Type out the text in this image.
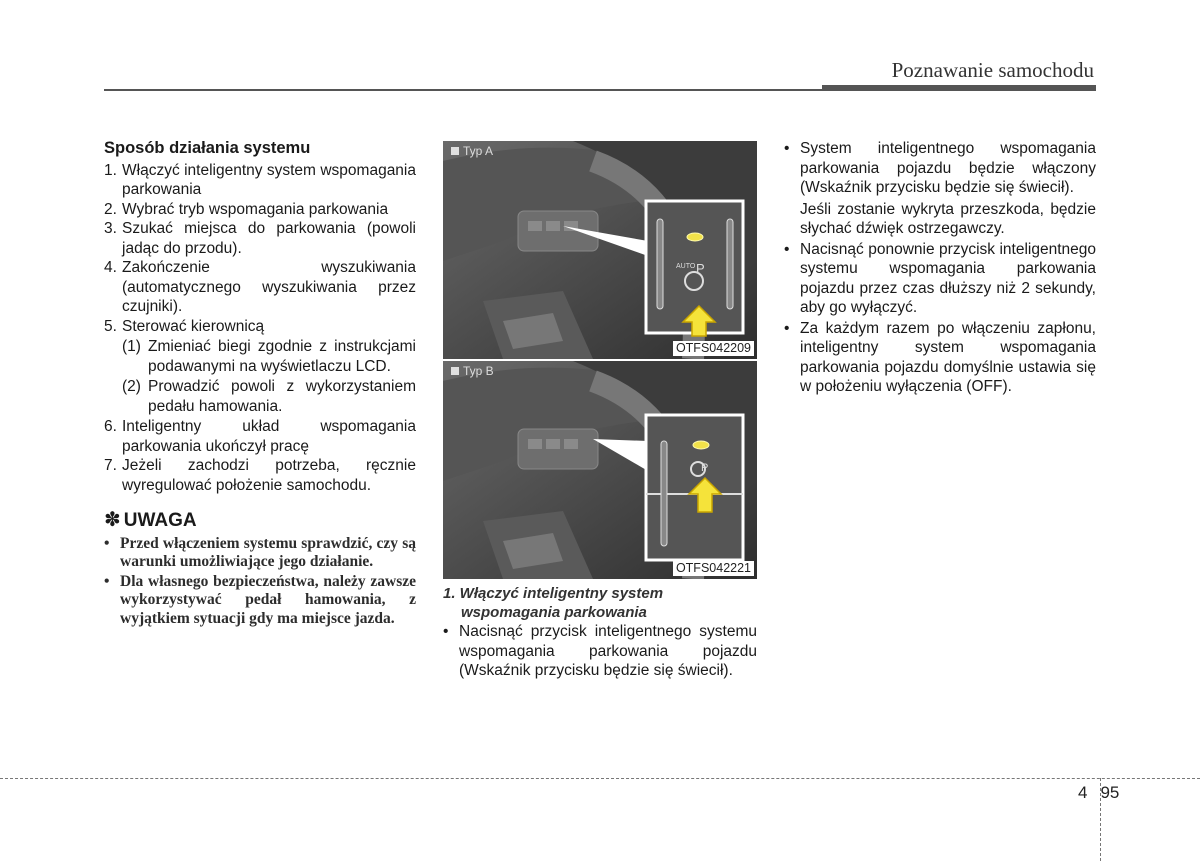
Poznawanie samochodu
Sposób działania systemu
1. Włączyć inteligentny system wspomagania parkowania
2. Wybrać tryb wspomagania parkowania
3. Szukać miejsca do parkowania (powoli jadąc do przodu).
4. Zakończenie wyszukiwania (automatycznego wyszukiwania przez czujniki).
5. Sterować kierownicą
(1) Zmieniać biegi zgodnie z instrukcjami podawanymi na wyświetlaczu LCD.
(2) Prowadzić powoli z wykorzystaniem pedału hamowania.
6. Inteligentny układ wspomagania parkowania ukończył pracę
7. Jeżeli zachodzi potrzeba, ręcznie wyregulować położenie samochodu.
✽ UWAGA
• Przed włączeniem systemu sprawdzić, czy są warunki umożliwiające jego działanie.
• Dla własnego bezpieczeństwa, należy zawsze wykorzystywać pedał hamowania, z wyjątkiem sytuacji gdy ma miejsce jazda.
AUTO P
Typ A
OTFS042209
P
Typ B
OTFS042221
1. Włączyć inteligentny system
wspomagania parkowania
• Nacisnąć przycisk inteligentnego systemu wspomagania parkowania pojazdu (Wskaźnik przycisku będzie się świecił).
• System inteligentnego wspomagania parkowania pojazdu będzie włączony (Wskaźnik przycisku będzie się świecił).
Jeśli zostanie wykryta przeszkoda, będzie słychać dźwięk ostrzegawczy.
• Nacisnąć ponownie przycisk inteligentnego systemu wspomagania parkowania pojazdu przez czas dłuższy niż 2 sekundy, aby go wyłączyć.
• Za każdym razem po włączeniu zapłonu, inteligentny system wspomagania parkowania pojazdu domyślnie ustawia się w położeniu wyłączenia (OFF).
4 95
